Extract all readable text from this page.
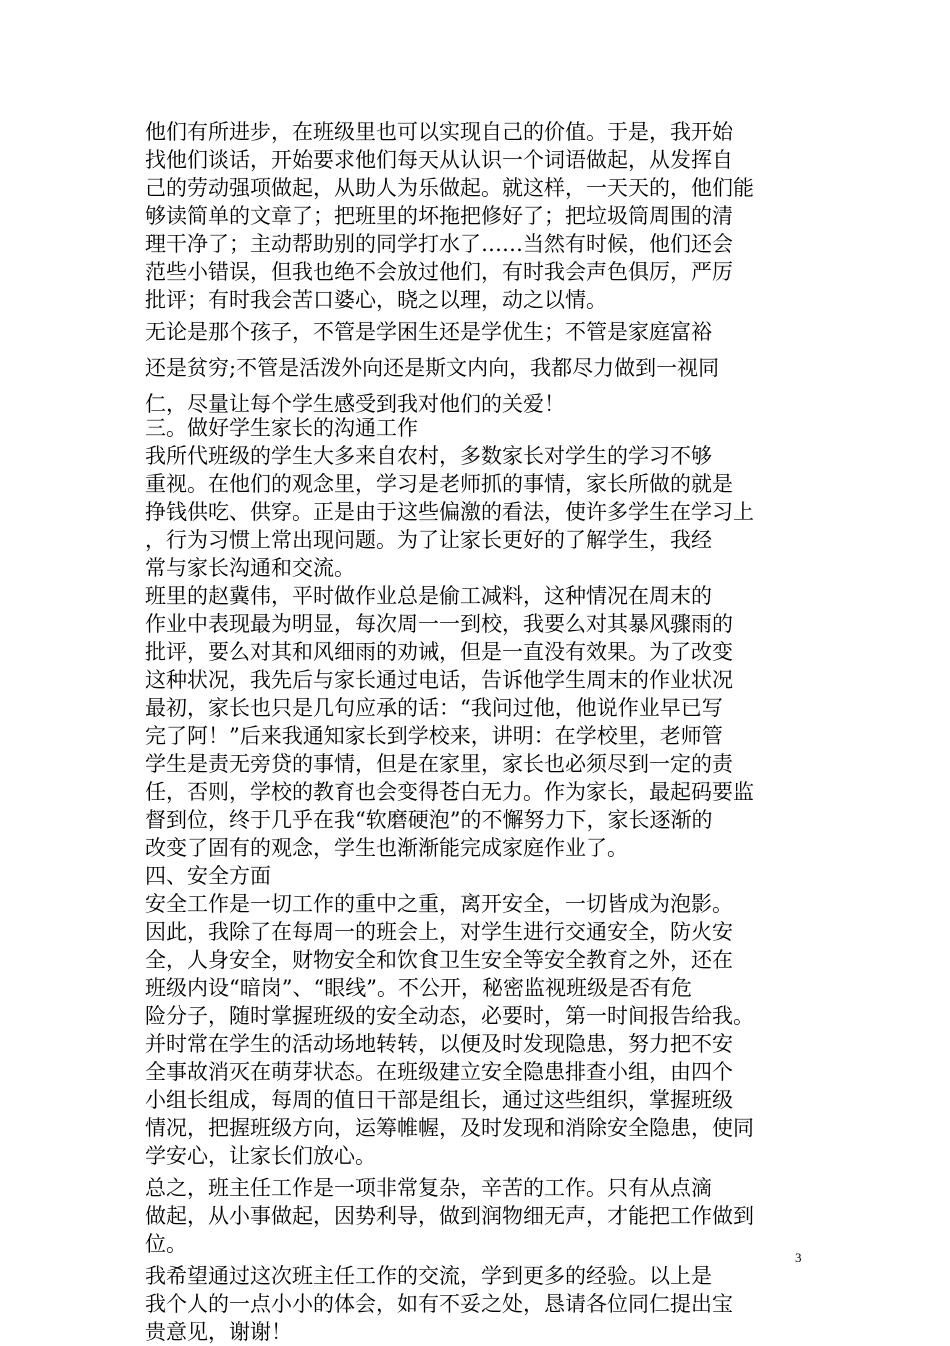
他们有所进步，在班级里也可以实现自己的价值。于是，我开始
找他们谈话，开始要求他们每天从认识一个词语做起，从发挥自
己的劳动强项做起，从助人为乐做起。就这样，一天天的，他们能
够读简单的文章了；把班里的坏拖把修好了；把垃圾筒周围的清
理干净了；主动帮助别的同学打水了……当然有时候，他们还会
范些小错误，但我也绝不会放过他们，有时我会声色俱厉，严厉
批评；有时我会苦口婆心，晓之以理，动之以情。
无论是那个孩子，不管是学困生还是学优生；不管是家庭富裕
还是贫穷;不管是活泼外向还是斯文内向，我都尽力做到一视同
仁，尽量让每个学生感受到我对他们的关爱！
三。做好学生家长的沟通工作
我所代班级的学生大多来自农村，多数家长对学生的学习不够
重视。在他们的观念里，学习是老师抓的事情，家长所做的就是
挣钱供吃、供穿。正是由于这些偏激的看法，使许多学生在学习上
，行为习惯上常出现问题。为了让家长更好的了解学生，我经
常与家长沟通和交流。
班里的赵冀伟，平时做作业总是偷工减料，这种情况在周末的
作业中表现最为明显，每次周一一到校，我要么对其暴风骤雨的
批评，要么对其和风细雨的劝诫，但是一直没有效果。为了改变
这种状况，我先后与家长通过电话，告诉他学生周末的作业状况
最初，家长也只是几句应承的话：“我问过他，他说作业早已写
完了阿！”后来我通知家长到学校来，讲明：在学校里，老师管
学生是责无旁贷的事情，但是在家里，家长也必须尽到一定的责
任，否则，学校的教育也会变得苍白无力。作为家长，最起码要监
督到位，终于几乎在我“软磨硬泡”的不懈努力下，家长逐渐的
改变了固有的观念，学生也渐渐能完成家庭作业了。
四、安全方面
安全工作是一切工作的重中之重，离开安全，一切皆成为泡影。
因此，我除了在每周一的班会上，对学生进行交通安全，防火安
全，人身安全，财物安全和饮食卫生安全等安全教育之外，还在
班级内设“暗岗”、“眼线”。不公开，秘密监视班级是否有危
险分子，随时掌握班级的安全动态，必要时，第一时间报告给我。
并时常在学生的活动场地转转，以便及时发现隐患，努力把不安
全事故消灭在萌芽状态。在班级建立安全隐患排查小组，由四个
小组长组成，每周的值日干部是组长，通过这些组织，掌握班级
情况，把握班级方向，运筹帷幄，及时发现和消除安全隐患，使同
学安心，让家长们放心。
总之，班主任工作是一项非常复杂，辛苦的工作。只有从点滴
做起，从小事做起，因势利导，做到润物细无声，才能把工作做到
位。
我希望通过这次班主任工作的交流，学到更多的经验。以上是
我个人的一点小小的体会，如有不妥之处，恳请各位同仁提出宝
贵意见，谢谢！
3
